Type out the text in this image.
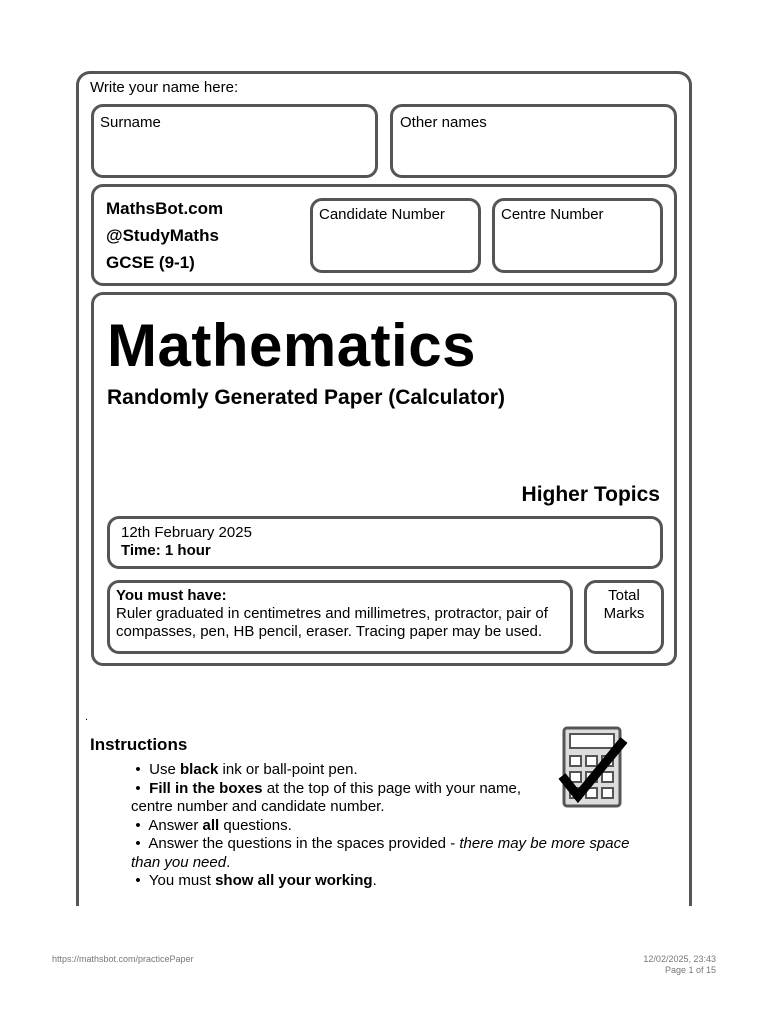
Write your name here:
Surname	Other names
MathsBot.com
@StudyMaths
GCSE (9-1)
Candidate Number	Centre Number
Mathematics
Randomly Generated Paper (Calculator)
Higher Topics
12th February 2025
Time: 1 hour
You must have:
Ruler graduated in centimetres and millimetres, protractor, pair of compasses, pen, HB pencil, eraser. Tracing paper may be used.
Total
Marks
.
Instructions
• Use black ink or ball-point pen.
• Fill in the boxes at the top of this page with your name,
centre number and candidate number.
• Answer all questions.
• Answer the questions in the spaces provided - there may be more space
than you need.
• You must show all your working.
https://mathsbot.com/practicePaper	12/02/2025, 23:43
Page 1 of 15
